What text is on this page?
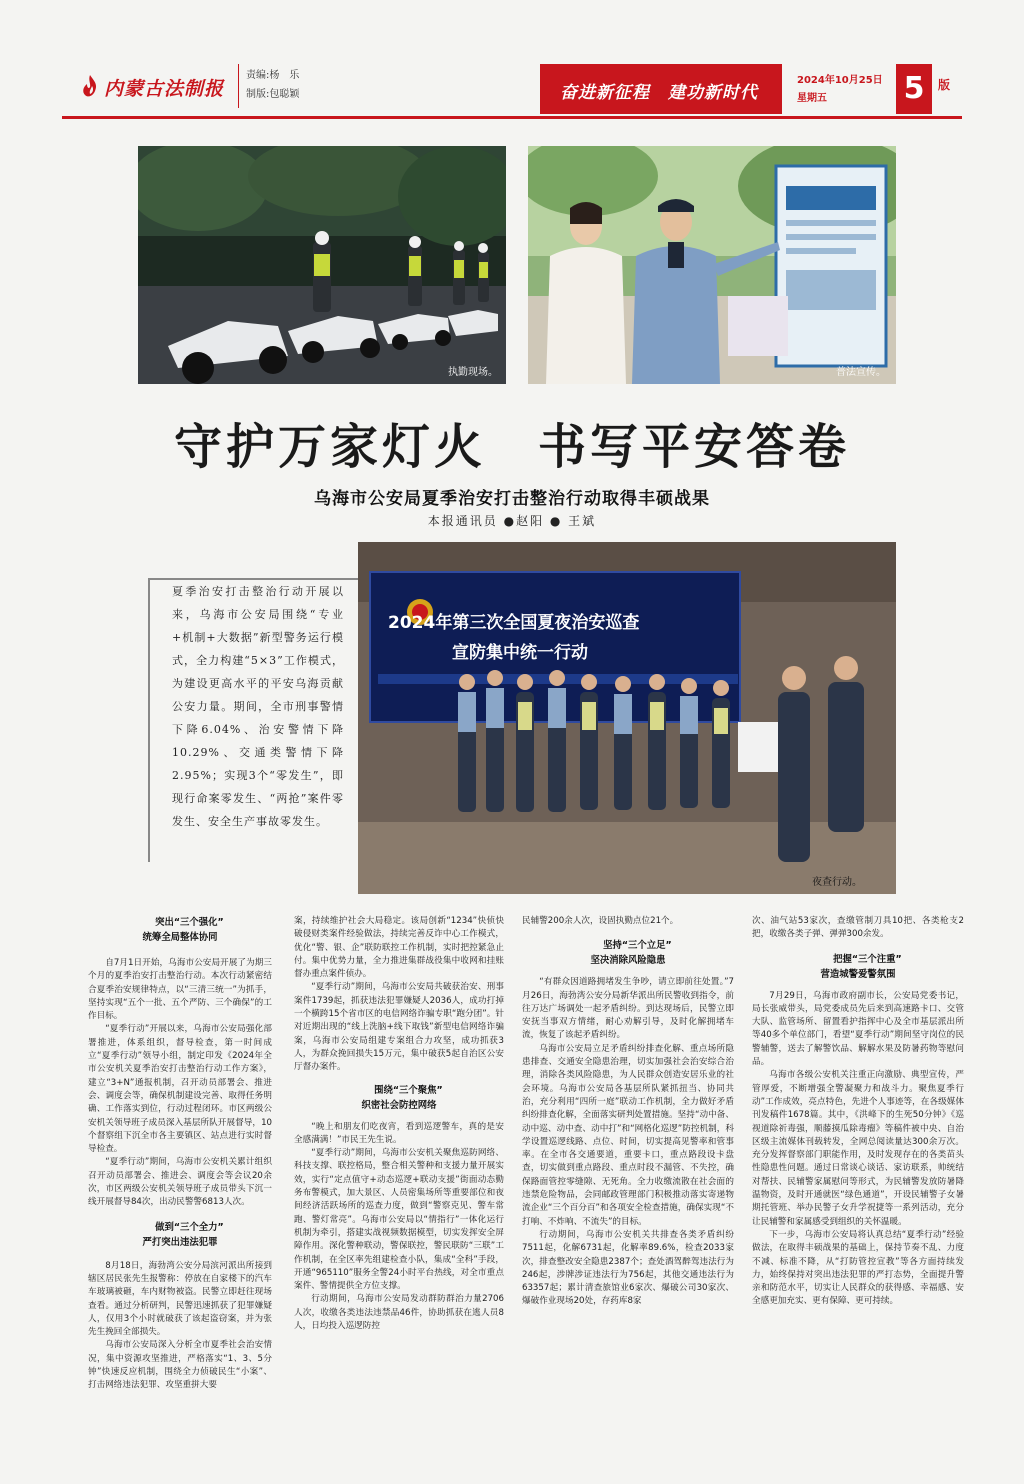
内蒙古法制报
责编:杨　乐
制版:包聪颖	奋进新征程　建功新时代
2024年10月25日
星期五	5	版
执勤现场。	普法宣传。
守护万家灯火　书写平安答卷
乌海市公安局夏季治安打击整治行动取得丰硕战果
本报通讯员 ●赵阳 ● 王斌
夏季治安打击整治行动开展以来，乌海市公安局围绕“专业+机制+大数据”新型警务运行模式，全力构建“5×3”工作模式，为建设更高水平的平安乌海贡献公安力量。期间，全市刑事警情下降6.04%、治安警情下降10.29%、交通类警情下降2.95%；实现3个“零发生”，即现行命案零发生、“两抢”案件零发生、安全生产事故零发生。
夜查行动。
2024年第三次全国夏夜治安巡查
宣防集中统一行动

突出“三个强化”
统筹全局整体协同

自7月1日开始，乌海市公安局开展了为期三个月的夏季治安打击整治行动。本次行动紧密结合夏季治安规律特点，以“三清三统一”为抓手，坚持实现“五个一批、五个严防、三个确保”的工作目标。

“夏季行动”开展以来，乌海市公安局强化部署推进，体系组织，督导检查，第一时间成立“夏季行动”领导小组，制定印发《2024年全市公安机关夏季治安打击整治行动工作方案》，建立“3+N”通报机制，召开动员部署会、推进会、调度会等，确保机制建设完善、取得任务明确、工作落实到位，行动过程闭环。市区两级公安机关领导班子成员深入基层所队开展督导，10个督察组下沉全市各主要镇区、站点进行实时督导检查。

“夏季行动”期间，乌海市公安机关累计组织召开动员部署会、推进会、调度会等会议20余次，市区两级公安机关领导班子成员带头下沉一线开展督导84次，出动民警警6813人次。

做到“三个全力”
严打突出违法犯罪

8月18日，海勃湾公安分局滨河派出所接到辖区居民张先生报警称：停放在自家楼下的汽车车玻璃被砸，车内财物被盗。民警立即赶往现场查看。通过分析研判，民警迅速抓获了犯罪嫌疑人，仅用3个小时就破获了该起盗窃案，并为张先生挽回全部损失。

乌海市公安局深入分析全市夏季社会治安情况，集中资源攻坚推进，严格落实“1、3、5分钟”快速反应机制，围绕全力侦破民生“小案”、打击网络违法犯罪、攻坚重拼大要

案，持续维护社会大局稳定。该局创新“1234”快侦快破侵财类案件经验做法，持续完善反诈中心工作模式，优化“警、银、企”联防联控工作机制，实时把控紧急止付。集中优势力量，全力推进集群战役集中收网和挂账督办重点案件侦办。

“夏季行动”期间，乌海市公安局共破获治安、刑事案件1739起，抓获违法犯罪嫌疑人2036人，成功打掉一个横跨15个省市区的电信网络诈骗专职“跑分团”。针对近期出现的“线上洗脑+线下取钱”新型电信网络诈骗案，乌海市公安局组建专案组合力攻坚，成功抓获3人，为群众挽回损失15万元，集中破获5起自治区公安厅督办案件。

围绕“三个聚焦”
织密社会防控网络

“晚上和朋友们吃夜宵，看到巡逻警车，真的是安全感满满！”市民王先生说。

“夏季行动”期间，乌海市公安机关聚焦巡防网络、科技支撑、联控格局，整合相关警种和支援力量开展实效，实行“定点值守+动态巡逻+联动支援”街面动态勤务布警模式，加大景区、人员密集场所等重要部位和夜间经济活跃场所的巡查力度，做到“警察克见、警车常跑、警灯常亮”。乌海市公安局以“情指行”一体化运行机制为牵引，搭建实战视频数据模型，切实发挥安全屏障作用。深化警种联动，警保联控，警民联防“三联”工作机制，在全区率先组建检查小队，集成“全科”手段，开通“965110”服务全警24小时平台热线，对全市重点案件、警情提供全方位支撑。

行动期间，乌海市公安局发动群防群治力量2706人次，收缴各类违法违禁品46件，协助抓获在逃人员8人，日均投入巡逻防控

民辅警200余人次，设固执勤点位21个。

坚持“三个立足”
坚决消除风险隐患

“有群众因道路拥堵发生争吵，请立即前往处置。”7月26日，海勃湾公安分局新华派出所民警收到指令，前往万达广场调处一起矛盾纠纷。到达现场后，民警立即安抚当事双方情绪，耐心劝解引导，及时化解拥堵车流，恢复了该起矛盾纠纷。

乌海市公安局立足矛盾纠纷排查化解、重点场所隐患排查、交通安全隐患治理，切实加强社会治安综合治理，消除各类风险隐患，为人民群众创造安居乐业的社会环境。乌海市公安局各基层所队紧抓扭当、协同共治，充分利用“四所一庭”联动工作机制，全力做好矛盾纠纷排查化解，全面落实研判处置措施。坚持“动中备、动中巡、动中查、动中打”和“网格化巡逻”防控机制，科学设置巡逻线路、点位、时间，切实提高见警率和管事率。在全市各交通要道，重要卡口，重点路段设卡盘查，切实做到重点路段、重点时段不漏管、不失控，确保路面管控零缝隙、无死角。全力收缴流散在社会面的违禁危险物品，会同邮政管理部门积极推动落实寄递物流企业“三个百分百”和各项安全检查措施，确保实现“不打响、不炸响、不流失”的目标。

行动期间，乌海市公安机关共排查各类矛盾纠纷7511起，化解6731起，化解率89.6%，检查2033家次，排查整改安全隐患2387个；查处酒驾醉驾违法行为246起，涉牌涉证违法行为756起，其他交通违法行为63357起；累计清查旅馆业6家次、爆破公司30家次、爆破作业现场20处，存药库8家

次、油气站53家次，查缴管制刀具10把、各类枪支2把，收缴各类子弹、弹弹300余发。

把握“三个注重”
营造城警爱警氛围

7月29日，乌海市政府副市长，公安局党委书记，局长张威带头，局党委成员先后来到高速路卡口、交管大队、监管场所、留置看护指挥中心及全市基层派出所等40多个单位部门，看望“夏季行动”期间坚守岗位的民警辅警，送去了解警饮品、解解水果及防暑药物等慰问品。

乌海市各级公安机关注重正向激励、典型宣传，严管厚爱，不断增强全警凝聚力和战斗力。聚焦夏季行动”工作成效，亮点特色，先进个人事迹等，在各级媒体刊发稿件1678篇。其中，《洪峰下的生死50分钟》《巡视道除祈毒强，顺藤摸瓜除毒瘤》等稿件被中央、自治区级主流媒体刊载转发，全网总阅读量达300余万次。充分发挥督察部门职能作用，及时发现存在的各类苗头性隐患性问题。通过日常谈心谈话、家访联系，帅统结对帮扶、民辅警家属慰问等形式，为民辅警发放防暑降温物资，及时开通就医“绿色通道”，开设民辅警子女暑期托管班、举办民警子女升学祝捷等一系列活动，充分让民辅警和家属感受到组织的关怀温暖。

下一步，乌海市公安局将认真总结“夏季行动”经验做法，在取得丰硕战果的基础上，保持节奏不乱、力度不减、标准不降，从“打防管控宣教”等各方面持续发力，始终保持对突出违法犯罪的严打态势，全面提升警亲和防范水平，切实让人民群众的获得感、幸福感、安全感更加充实、更有保障、更可持续。
